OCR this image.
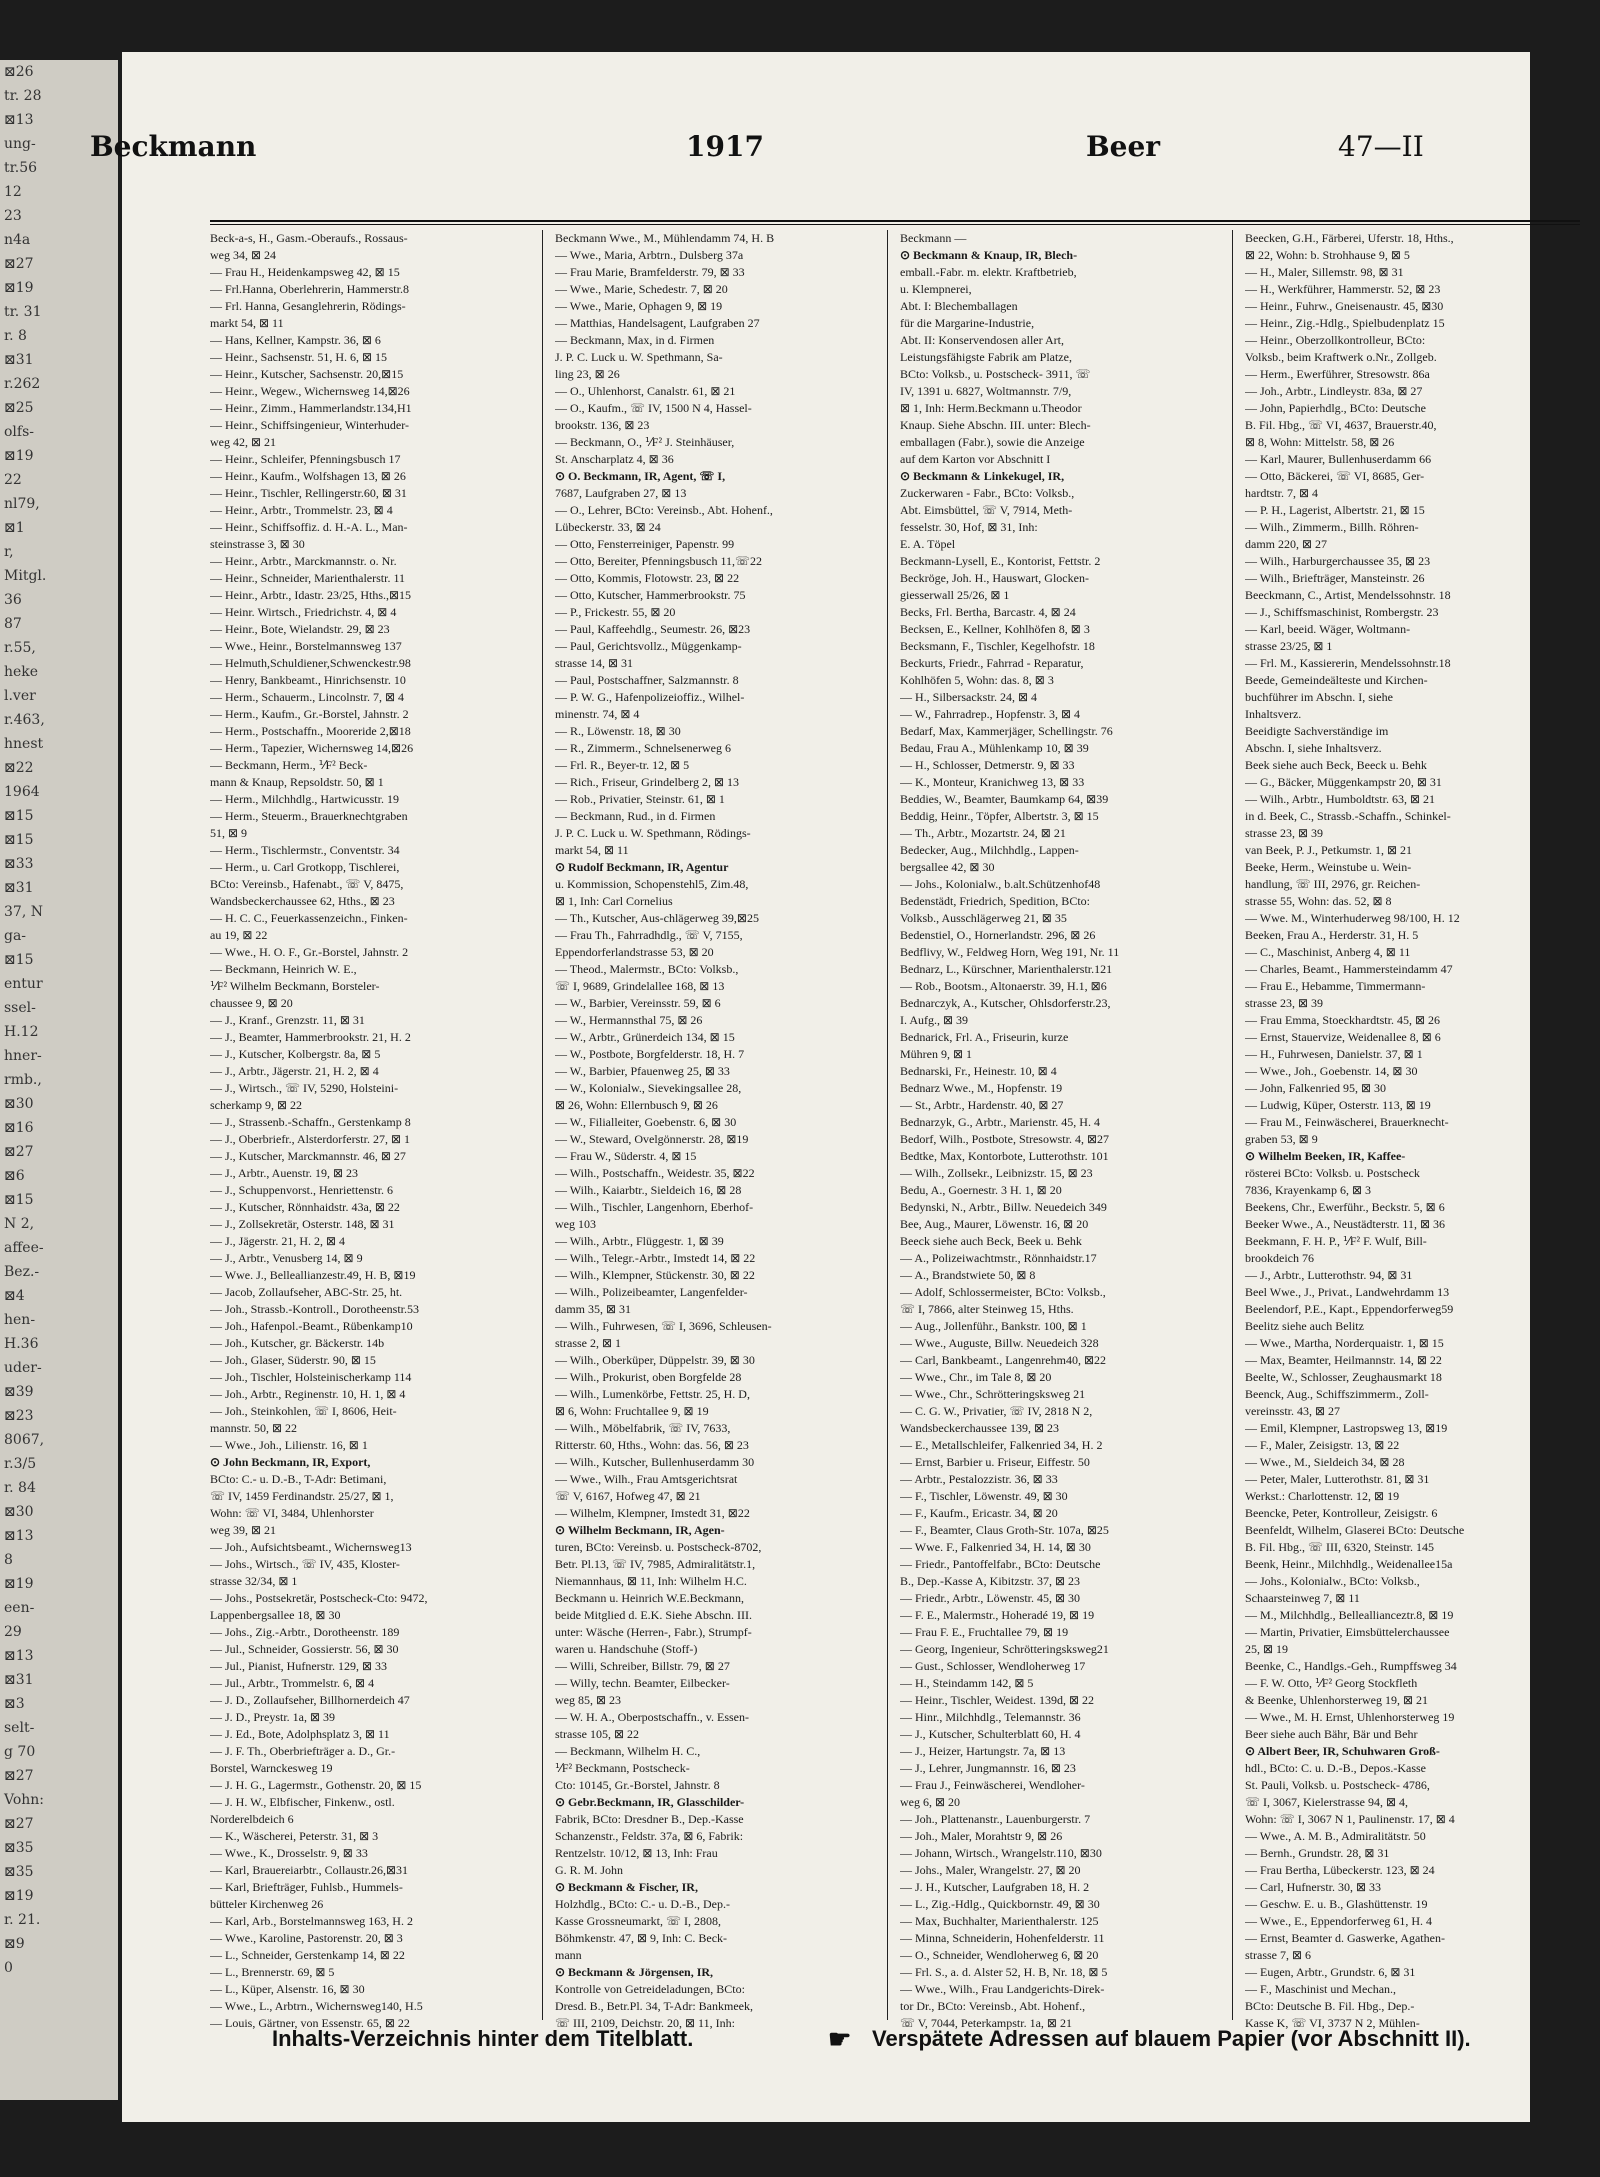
⊠26
tr. 28
⊠13
ung-
tr.56
12
23
n4a
⊠27
⊠19
tr. 31
r. 8
⊠31
r.262
⊠25
olfs-
⊠19
22
nl79,
⊠1
r,
Mitgl.
36
87
r.55,
heke
l.ver
r.463,
hnest
⊠22
1964
⊠15
⊠15
⊠33
⊠31
37, N
ga-
⊠15
entur
ssel-
H.12
hner-
rmb.,
⊠30
⊠16
⊠27
⊠6
⊠15
N 2,
affee-
Bez.-
⊠4
hen-
H.36
uder-
⊠39
⊠23
8067,
r.3/5
r. 84
⊠30
⊠13
8
⊠19
een-
29
⊠13
⊠31
⊠3
selt-
g 70
⊠27
Vohn:
⊠27
⊠35
⊠35
⊠19
r. 21.
⊠9
0
Beckmann	1917	Beer	47—II
Beck-a-s, H., Gasm.-Oberaufs., Rossaus-
weg 34, ⊠ 24
— Frau H., Heidenkampsweg 42, ⊠ 15
— Frl.Hanna, Oberlehrerin, Hammerstr.8
— Frl. Hanna, Gesanglehrerin, Rödings-
markt 54, ⊠ 11
— Hans, Kellner, Kampstr. 36, ⊠ 6
— Heinr., Sachsenstr. 51, H. 6, ⊠ 15
— Heinr., Kutscher, Sachsenstr. 20,⊠15
— Heinr., Wegew., Wichernsweg 14,⊠26
— Heinr., Zimm., Hammerlandstr.134,H1
— Heinr., Schiffsingenieur, Winterhuder-
weg 42, ⊠ 21
— Heinr., Schleifer, Pfenningsbusch 17
— Heinr., Kaufm., Wolfshagen 13, ⊠ 26
— Heinr., Tischler, Rellingerstr.60, ⊠ 31
— Heinr., Arbtr., Trommelstr. 23, ⊠ 4
— Heinr., Schiffsoffiz. d. H.-A. L., Man-
steinstrasse 3, ⊠ 30
— Heinr., Arbtr., Marckmannstr. o. Nr.
— Heinr., Schneider, Marienthalerstr. 11
— Heinr., Arbtr., Idastr. 23/25, Hths.,⊠15
— Heinr. Wirtsch., Friedrichstr. 4, ⊠ 4
— Heinr., Bote, Wielandstr. 29, ⊠ 23
— Wwe., Heinr., Borstelmannsweg 137
— Helmuth,Schuldiener,Schwenckestr.98
— Henry, Bankbeamt., Hinrichsenstr. 10
— Herm., Schauerm., Lincolnstr. 7, ⊠ 4
— Herm., Kaufm., Gr.-Borstel, Jahnstr. 2
— Herm., Postschaffn., Mooreride 2,⊠18
— Herm., Tapezier, Wichernsweg 14,⊠26
— Beckmann, Herm., ⅟F² Beck-
mann & Knaup, Repsoldstr. 50, ⊠ 1
— Herm., Milchhdlg., Hartwicusstr. 19
— Herm., Steuerm., Brauerknechtgraben
51, ⊠ 9
— Herm., Tischlermstr., Conventstr. 34
— Herm., u. Carl Grotkopp, Tischlerei,
BCto: Vereinsb., Hafenabt., ☏ V, 8475,
Wandsbeckerchaussee 62, Hths., ⊠ 23
— H. C. C., Feuerkassenzeichn., Finken-
au 19, ⊠ 22
— Wwe., H. O. F., Gr.-Borstel, Jahnstr. 2
— Beckmann, Heinrich W. E.,
⅟F² Wilhelm Beckmann, Borsteler-
chaussee 9, ⊠ 20
— J., Kranf., Grenzstr. 11, ⊠ 31
— J., Beamter, Hammerbrookstr. 21, H. 2
— J., Kutscher, Kolbergstr. 8a, ⊠ 5
— J., Arbtr., Jägerstr. 21, H. 2, ⊠ 4
— J., Wirtsch., ☏ IV, 5290, Holsteini-
scherkamp 9, ⊠ 22
— J., Strassenb.-Schaffn., Gerstenkamp 8
— J., Oberbriefr., Alsterdorferstr. 27, ⊠ 1
— J., Kutscher, Marckmannstr. 46, ⊠ 27
— J., Arbtr., Auenstr. 19, ⊠ 23
— J., Schuppenvorst., Henriettenstr. 6
— J., Kutscher, Rönnhaidstr. 43a, ⊠ 22
— J., Zollsekretär, Osterstr. 148, ⊠ 31
— J., Jägerstr. 21, H. 2, ⊠ 4
— J., Arbtr., Venusberg 14, ⊠ 9
— Wwe. J., Belleallianzestr.49, H. B, ⊠19
— Jacob, Zollaufseher, ABC-Str. 25, ht.
— Joh., Strassb.-Kontroll., Dorotheenstr.53
— Joh., Hafenpol.-Beamt., Rübenkamp10
— Joh., Kutscher, gr. Bäckerstr. 14b
— Joh., Glaser, Süderstr. 90, ⊠ 15
— Joh., Tischler, Holsteinischerkamp 114
— Joh., Arbtr., Reginenstr. 10, H. 1, ⊠ 4
— Joh., Steinkohlen, ☏ I, 8606, Heit-
mannstr. 50, ⊠ 22
— Wwe., Joh., Lilienstr. 16, ⊠ 1
⊙ John Beckmann, IR, Export,
BCto: C.- u. D.-B., T-Adr: Betimani,
☏ IV, 1459 Ferdinandstr. 25/27, ⊠ 1,
Wohn: ☏ VI, 3484, Uhlenhorster
weg 39, ⊠ 21
— Joh., Aufsichtsbeamt., Wichernsweg13
— Johs., Wirtsch., ☏ IV, 435, Kloster-
strasse 32/34, ⊠ 1
— Johs., Postsekretär, Postscheck-Cto: 9472,
Lappenbergsallee 18, ⊠ 30
— Johs., Zig.-Arbtr., Dorotheenstr. 189
— Jul., Schneider, Gossierstr. 56, ⊠ 30
— Jul., Pianist, Hufnerstr. 129, ⊠ 33
— Jul., Arbtr., Trommelstr. 6, ⊠ 4
— J. D., Zollaufseher, Billhornerdeich 47
— J. D., Preystr. 1a, ⊠ 39
— J. Ed., Bote, Adolphsplatz 3, ⊠ 11
— J. F. Th., Oberbriefträger a. D., Gr.-
Borstel, Warnckesweg 19
— J. H. G., Lagermstr., Gothenstr. 20, ⊠ 15
— J. H. W., Elbfischer, Finkenw., ostl.
Norderelbdeich 6
— K., Wäscherei, Peterstr. 31, ⊠ 3
— Wwe., K., Drosselstr. 9, ⊠ 33
— Karl, Brauereiarbtr., Collaustr.26,⊠31
— Karl, Briefträger, Fuhlsb., Hummels-
bütteler Kirchenweg 26
— Karl, Arb., Borstelmannsweg 163, H. 2
— Wwe., Karoline, Pastorenstr. 20, ⊠ 3
— L., Schneider, Gerstenkamp 14, ⊠ 22
— L., Brennerstr. 69, ⊠ 5
— L., Küper, Alsenstr. 16, ⊠ 30
— Wwe., L., Arbtrn., Wichernsweg140, H.5
— Louis, Gärtner, von Essenstr. 65, ⊠ 22
Beckmann Wwe., M., Mühlendamm 74, H. B
— Wwe., Maria, Arbtrn., Dulsberg 37a
— Frau Marie, Bramfelderstr. 79, ⊠ 33
— Wwe., Marie, Schedestr. 7, ⊠ 20
— Wwe., Marie, Ophagen 9, ⊠ 19
— Matthias, Handelsagent, Laufgraben 27
— Beckmann, Max, in d. Firmen
J. P. C. Luck u. W. Spethmann, Sa-
ling 23, ⊠ 26
— O., Uhlenhorst, Canalstr. 61, ⊠ 21
— O., Kaufm., ☏ IV, 1500 N 4, Hassel-
brookstr. 136, ⊠ 23
— Beckmann, O., ⅟F² J. Steinhäuser,
St. Anscharplatz 4, ⊠ 36
⊙ O. Beckmann, IR, Agent, ☏ I,
7687, Laufgraben 27, ⊠ 13
— O., Lehrer, BCto: Vereinsb., Abt. Hohenf.,
Lübeckerstr. 33, ⊠ 24
— Otto, Fensterreiniger, Papenstr. 99
— Otto, Bereiter, Pfenningsbusch 11,☏22
— Otto, Kommis, Flotowstr. 23, ⊠ 22
— Otto, Kutscher, Hammerbrookstr. 75
— P., Frickestr. 55, ⊠ 20
— Paul, Kaffeehdlg., Seumestr. 26, ⊠23
— Paul, Gerichtsvollz., Müggenkamp-
strasse 14, ⊠ 31
— Paul, Postschaffner, Salzmannstr. 8
— P. W. G., Hafenpolizeioffiz., Wilhel-
minenstr. 74, ⊠ 4
— R., Löwenstr. 18, ⊠ 30
— R., Zimmerm., Schnelsenerweg 6
— Frl. R., Beyer-tr. 12, ⊠ 5
— Rich., Friseur, Grindelberg 2, ⊠ 13
— Rob., Privatier, Steinstr. 61, ⊠ 1
— Beckmann, Rud., in d. Firmen
J. P. C. Luck u. W. Spethmann, Rödings-
markt 54, ⊠ 11
⊙ Rudolf Beckmann, IR, Agentur
u. Kommission, Schopenstehl5, Zim.48,
⊠ 1, Inh: Carl Cornelius
— Th., Kutscher, Aus-chlägerweg 39,⊠25
— Frau Th., Fahrradhdlg., ☏ V, 7155,
Eppendorferlandstrasse 53, ⊠ 20
— Theod., Malermstr., BCto: Volksb.,
☏ I, 9689, Grindelallee 168, ⊠ 13
— W., Barbier, Vereinsstr. 59, ⊠ 6
— W., Hermannsthal 75, ⊠ 26
— W., Arbtr., Grünerdeich 134, ⊠ 15
— W., Postbote, Borgfelderstr. 18, H. 7
— W., Barbier, Pfauenweg 25, ⊠ 33
— W., Kolonialw., Sievekingsallee 28,
⊠ 26, Wohn: Ellernbusch 9, ⊠ 26
— W., Filialleiter, Goebenstr. 6, ⊠ 30
— W., Steward, Ovelgönnerstr. 28, ⊠19
— Frau W., Süderstr. 4, ⊠ 15
— Wilh., Postschaffn., Weidestr. 35, ⊠22
— Wilh., Kaiarbtr., Sieldeich 16, ⊠ 28
— Wilh., Tischler, Langenhorn, Eberhof-
weg 103
— Wilh., Arbtr., Flüggestr. 1, ⊠ 39
— Wilh., Telegr.-Arbtr., Imstedt 14, ⊠ 22
— Wilh., Klempner, Stückenstr. 30, ⊠ 22
— Wilh., Polizeibeamter, Langenfelder-
damm 35, ⊠ 31
— Wilh., Fuhrwesen, ☏ I, 3696, Schleusen-
strasse 2, ⊠ 1
— Wilh., Oberküper, Düppelstr. 39, ⊠ 30
— Wilh., Prokurist, oben Borgfelde 28
— Wilh., Lumenkörbe, Fettstr. 25, H. D,
⊠ 6, Wohn: Fruchtallee 9, ⊠ 19
— Wilh., Möbelfabrik, ☏ IV, 7633,
Ritterstr. 60, Hths., Wohn: das. 56, ⊠ 23
— Wilh., Kutscher, Bullenhuserdamm 30
— Wwe., Wilh., Frau Amtsgerichtsrat
☏ V, 6167, Hofweg 47, ⊠ 21
— Wilhelm, Klempner, Imstedt 31, ⊠22
⊙ Wilhelm Beckmann, IR, Agen-
turen, BCto: Vereinsb. u. Postscheck-8702,
Betr. Pl.13, ☏ IV, 7985, Admiralitätstr.1,
Niemannhaus, ⊠ 11, Inh: Wilhelm H.C.
Beckmann u. Heinrich W.E.Beckmann,
beide Mitglied d. E.K. Siehe Abschn. III.
unter: Wäsche (Herren-, Fabr.), Strumpf-
waren u. Handschuhe (Stoff-)
— Willi, Schreiber, Billstr. 79, ⊠ 27
— Willy, techn. Beamter, Eilbecker-
weg 85, ⊠ 23
— W. H. A., Oberpostschaffn., v. Essen-
strasse 105, ⊠ 22
— Beckmann, Wilhelm H. C.,
⅟F² Beckmann, Postscheck-
Cto: 10145, Gr.-Borstel, Jahnstr. 8
⊙ Gebr.Beckmann, IR, Glasschilder-
Fabrik, BCto: Dresdner B., Dep.-Kasse
Schanzenstr., Feldstr. 37a, ⊠ 6, Fabrik:
Rentzelstr. 10/12, ⊠ 13, Inh: Frau
G. R. M. John
⊙ Beckmann & Fischer, IR,
Holzhdlg., BCto: C.- u. D.-B., Dep.-
Kasse Grossneumarkt, ☏ I, 2808,
Böhmkenstr. 47, ⊠ 9, Inh: C. Beck-
mann
⊙ Beckmann & Jörgensen, IR,
Kontrolle von Getreideladungen, BCto:
Dresd. B., Betr.Pl. 34, T-Adr: Bankmeek,
☏ III, 2109, Deichstr. 20, ⊠ 11, Inh:
Beckmann —
⊙ Beckmann & Knaup, IR, Blech-
emball.-Fabr. m. elektr. Kraftbetrieb,
u. Klempnerei,
Abt. I: Blechemballagen
für die Margarine-Industrie,
Abt. II: Konservendosen aller Art,
Leistungsfähigste Fabrik am Platze,
BCto: Volksb., u. Postscheck- 3911, ☏
IV, 1391 u. 6827, Woltmannstr. 7/9,
⊠ 1, Inh: Herm.Beckmann u.Theodor
Knaup. Siehe Abschn. III. unter: Blech-
emballagen (Fabr.), sowie die Anzeige
auf dem Karton vor Abschnitt I
⊙ Beckmann & Linkekugel, IR,
Zuckerwaren - Fabr., BCto: Volksb.,
Abt. Eimsbüttel, ☏ V, 7914, Meth-
fesselstr. 30, Hof, ⊠ 31, Inh:
E. A. Töpel
Beckmann-Lysell, E., Kontorist, Fettstr. 2
Beckröge, Joh. H., Hauswart, Glocken-
giesserwall 25/26, ⊠ 1
Becks, Frl. Bertha, Barcastr. 4, ⊠ 24
Becksen, E., Kellner, Kohlhöfen 8, ⊠ 3
Becksmann, F., Tischler, Kegelhofstr. 18
Beckurts, Friedr., Fahrrad - Reparatur,
Kohlhöfen 5, Wohn: das. 8, ⊠ 3
— H., Silbersackstr. 24, ⊠ 4
— W., Fahrradrep., Hopfenstr. 3, ⊠ 4
Bedarf, Max, Kammerjäger, Schellingstr. 76
Bedau, Frau A., Mühlenkamp 10, ⊠ 39
— H., Schlosser, Detmerstr. 9, ⊠ 33
— K., Monteur, Kranichweg 13, ⊠ 33
Beddies, W., Beamter, Baumkamp 64, ⊠39
Beddig, Heinr., Töpfer, Albertstr. 3, ⊠ 15
— Th., Arbtr., Mozartstr. 24, ⊠ 21
Bedecker, Aug., Milchhdlg., Lappen-
bergsallee 42, ⊠ 30
— Johs., Kolonialw., b.alt.Schützenhof48
Bedenstädt, Friedrich, Spedition, BCto:
Volksb., Ausschlägerweg 21, ⊠ 35
Bedenstiel, O., Hornerlandstr. 296, ⊠ 26
Bedflivy, W., Feldweg Horn, Weg 191, Nr. 11
Bednarz, L., Kürschner, Marienthalerstr.121
— Rob., Bootsm., Altonaerstr. 39, H.1, ⊠6
Bednarczyk, A., Kutscher, Ohlsdorferstr.23,
I. Aufg., ⊠ 39
Bednarick, Frl. A., Friseurin, kurze
Mühren 9, ⊠ 1
Bednarski, Fr., Heinestr. 10, ⊠ 4
Bednarz Wwe., M., Hopfenstr. 19
— St., Arbtr., Hardenstr. 40, ⊠ 27
Bednarzyk, G., Arbtr., Marienstr. 45, H. 4
Bedorf, Wilh., Postbote, Stresowstr. 4, ⊠27
Bedtke, Max, Kontorbote, Lutterothstr. 101
— Wilh., Zollsekr., Leibnizstr. 15, ⊠ 23
Bedu, A., Goernestr. 3 H. 1, ⊠ 20
Bedynski, N., Arbtr., Billw. Neuedeich 349
Bee, Aug., Maurer, Löwenstr. 16, ⊠ 20
Beeck siehe auch Beck, Beek u. Behk
— A., Polizeiwachtmstr., Rönnhaidstr.17
— A., Brandstwiete 50, ⊠ 8
— Adolf, Schlossermeister, BCto: Volksb.,
☏ I, 7866, alter Steinweg 15, Hths.
— Aug., Jollenführ., Bankstr. 100, ⊠ 1
— Wwe., Auguste, Billw. Neuedeich 328
— Carl, Bankbeamt., Langenrehm40, ⊠22
— Wwe., Chr., im Tale 8, ⊠ 20
— Wwe., Chr., Schrötteringsksweg 21
— C. G. W., Privatier, ☏ IV, 2818 N 2,
Wandsbeckerchaussee 139, ⊠ 23
— E., Metallschleifer, Falkenried 34, H. 2
— Ernst, Barbier u. Friseur, Eiffestr. 50
— Arbtr., Pestalozzistr. 36, ⊠ 33
— F., Tischler, Löwenstr. 49, ⊠ 30
— F., Kaufm., Ericastr. 34, ⊠ 20
— F., Beamter, Claus Groth-Str. 107a, ⊠25
— Wwe. F., Falkenried 34, H. 14, ⊠ 30
— Friedr., Pantoffelfabr., BCto: Deutsche
B., Dep.-Kasse A, Kibitzstr. 37, ⊠ 23
— Friedr., Arbtr., Löwenstr. 45, ⊠ 30
— F. E., Malermstr., Hoheradé 19, ⊠ 19
— Frau F. E., Fruchtallee 79, ⊠ 19
— Georg, Ingenieur, Schrötteringsksweg21
— Gust., Schlosser, Wendloherweg 17
— H., Steindamm 142, ⊠ 5
— Heinr., Tischler, Weidest. 139d, ⊠ 22
— Hinr., Milchhdlg., Telemannstr. 36
— J., Kutscher, Schulterblatt 60, H. 4
— J., Heizer, Hartungstr. 7a, ⊠ 13
— J., Lehrer, Jungmannstr. 16, ⊠ 23
— Frau J., Feinwäscherei, Wendloher-
weg 6, ⊠ 20
— Joh., Plattenanstr., Lauenburgerstr. 7
— Joh., Maler, Morahtstr 9, ⊠ 26
— Johann, Wirtsch., Wrangelstr.110, ⊠30
— Johs., Maler, Wrangelstr. 27, ⊠ 20
— J. H., Kutscher, Laufgraben 18, H. 2
— L., Zig.-Hdlg., Quickbornstr. 49, ⊠ 30
— Max, Buchhalter, Marienthalerstr. 125
— Minna, Schneiderin, Hohenfelderstr. 11
— O., Schneider, Wendloherweg 6, ⊠ 20
— Frl. S., a. d. Alster 52, H. B, Nr. 18, ⊠ 5
— Wwe., Wilh., Frau Landgerichts-Direk-
tor Dr., BCto: Vereinsb., Abt. Hohenf.,
☏ V, 7044, Peterkampstr. 1a, ⊠ 21
Beecken, G.H., Färberei, Uferstr. 18, Hths.,
⊠ 22, Wohn: b. Strohhause 9, ⊠ 5
— H., Maler, Sillemstr. 98, ⊠ 31
— H., Werkführer, Hammerstr. 52, ⊠ 23
— Heinr., Fuhrw., Gneisenaustr. 45, ⊠30
— Heinr., Zig.-Hdlg., Spielbudenplatz 15
— Heinr., Oberzollkontrolleur, BCto:
Volksb., beim Kraftwerk o.Nr., Zollgeb.
— Herm., Ewerführer, Stresowstr. 86a
— Joh., Arbtr., Lindleystr. 83a, ⊠ 27
— John, Papierhdlg., BCto: Deutsche
B. Fil. Hbg., ☏ VI, 4637, Brauerstr.40,
⊠ 8, Wohn: Mittelstr. 58, ⊠ 26
— Karl, Maurer, Bullenhuserdamm 66
— Otto, Bäckerei, ☏ VI, 8685, Ger-
hardtstr. 7, ⊠ 4
— P. H., Lagerist, Albertstr. 21, ⊠ 15
— Wilh., Zimmerm., Billh. Röhren-
damm 220, ⊠ 27
— Wilh., Harburgerchaussee 35, ⊠ 23
— Wilh., Briefträger, Mansteinstr. 26
Beeckmann, C., Artist, Mendelssohnstr. 18
— J., Schiffsmaschinist, Rombergstr. 23
— Karl, beeid. Wäger, Woltmann-
strasse 23/25, ⊠ 1
— Frl. M., Kassiererin, Mendelssohnstr.18
Beede, Gemeindeälteste und Kirchen-
buchführer im Abschn. I, siehe
Inhaltsverz.
Beeidigte Sachverständige im
Abschn. I, siehe Inhaltsverz.
Beek siehe auch Beck, Beeck u. Behk
— G., Bäcker, Müggenkampstr 20, ⊠ 31
— Wilh., Arbtr., Humboldtstr. 63, ⊠ 21
in d. Beek, C., Strassb.-Schaffn., Schinkel-
strasse 23, ⊠ 39
van Beek, P. J., Petkumstr. 1, ⊠ 21
Beeke, Herm., Weinstube u. Wein-
handlung, ☏ III, 2976, gr. Reichen-
strasse 55, Wohn: das. 52, ⊠ 8
— Wwe. M., Winterhuderweg 98/100, H. 12
Beeken, Frau A., Herderstr. 31, H. 5
— C., Maschinist, Anberg 4, ⊠ 11
— Charles, Beamt., Hammersteindamm 47
— Frau E., Hebamme, Timmermann-
strasse 23, ⊠ 39
— Frau Emma, Stoeckhardtstr. 45, ⊠ 26
— Ernst, Stauervize, Weidenallee 8, ⊠ 6
— H., Fuhrwesen, Danielstr. 37, ⊠ 1
— Wwe., Joh., Goebenstr. 14, ⊠ 30
— John, Falkenried 95, ⊠ 30
— Ludwig, Küper, Osterstr. 113, ⊠ 19
— Frau M., Feinwäscherei, Brauerknecht-
graben 53, ⊠ 9
⊙ Wilhelm Beeken, IR, Kaffee-
rösterei BCto: Volksb. u. Postscheck
7836, Krayenkamp 6, ⊠ 3
Beekens, Chr., Ewerführ., Beckstr. 5, ⊠ 6
Beeker Wwe., A., Neustädterstr. 11, ⊠ 36
Beekmann, F. H. P., ⅟F² F. Wulf, Bill-
brookdeich 76
— J., Arbtr., Lutterothstr. 94, ⊠ 31
Beel Wwe., J., Privat., Landwehrdamm 13
Beelendorf, P.E., Kapt., Eppendorferweg59
Beelitz siehe auch Belitz
— Wwe., Martha, Norderquaistr. 1, ⊠ 15
— Max, Beamter, Heilmannstr. 14, ⊠ 22
Beelte, W., Schlosser, Zeughausmarkt 18
Beenck, Aug., Schiffszimmerm., Zoll-
vereinsstr. 43, ⊠ 27
— Emil, Klempner, Lastropsweg 13, ⊠19
— F., Maler, Zeisigstr. 13, ⊠ 22
— Wwe., M., Sieldeich 34, ⊠ 28
— Peter, Maler, Lutterothstr. 81, ⊠ 31
Werkst.: Charlottenstr. 12, ⊠ 19
Beencke, Peter, Kontrolleur, Zeisigstr. 6
Beenfeldt, Wilhelm, Glaserei BCto: Deutsche
B. Fil. Hbg., ☏ III, 6320, Steinstr. 145
Beenk, Heinr., Milchhdlg., Weidenallee15a
— Johs., Kolonialw., BCto: Volksb.,
Schaarsteinweg 7, ⊠ 11
— M., Milchhdlg., Belleallianceztr.8, ⊠ 19
— Martin, Privatier, Eimsbüttelerchaussee
25, ⊠ 19
Beenke, C., Handlgs.-Geh., Rumpffsweg 34
— F. W. Otto, ⅟F² Georg Stockfleth
& Beenke, Uhlenhorsterweg 19, ⊠ 21
— Wwe., M. H. Ernst, Uhlenhorsterweg 19
Beer siehe auch Bähr, Bär und Behr
⊙ Albert Beer, IR, Schuhwaren Groß-
hdl., BCto: C. u. D.-B., Depos.-Kasse
St. Pauli, Volksb. u. Postscheck- 4786,
☏ I, 3067, Kielerstrasse 94, ⊠ 4,
Wohn: ☏ I, 3067 N 1, Paulinenstr. 17, ⊠ 4
— Wwe., A. M. B., Admiralitätstr. 50
— Bernh., Grundstr. 28, ⊠ 31
— Frau Bertha, Lübeckerstr. 123, ⊠ 24
— Carl, Hufnerstr. 30, ⊠ 33
— Geschw. E. u. B., Glashüttenstr. 19
— Wwe., E., Eppendorferweg 61, H. 4
— Ernst, Beamter d. Gaswerke, Agathen-
strasse 7, ⊠ 6
— Eugen, Arbtr., Grundstr. 6, ⊠ 31
— F., Maschinist und Mechan.,
BCto: Deutsche B. Fil. Hbg., Dep.-
Kasse K, ☏ VI, 3737 N 2, Mühlen-
Inhalts-Verzeichnis hinter dem Titelblatt.	☛ Verspätete Adressen auf blauem Papier (vor Abschnitt II).
